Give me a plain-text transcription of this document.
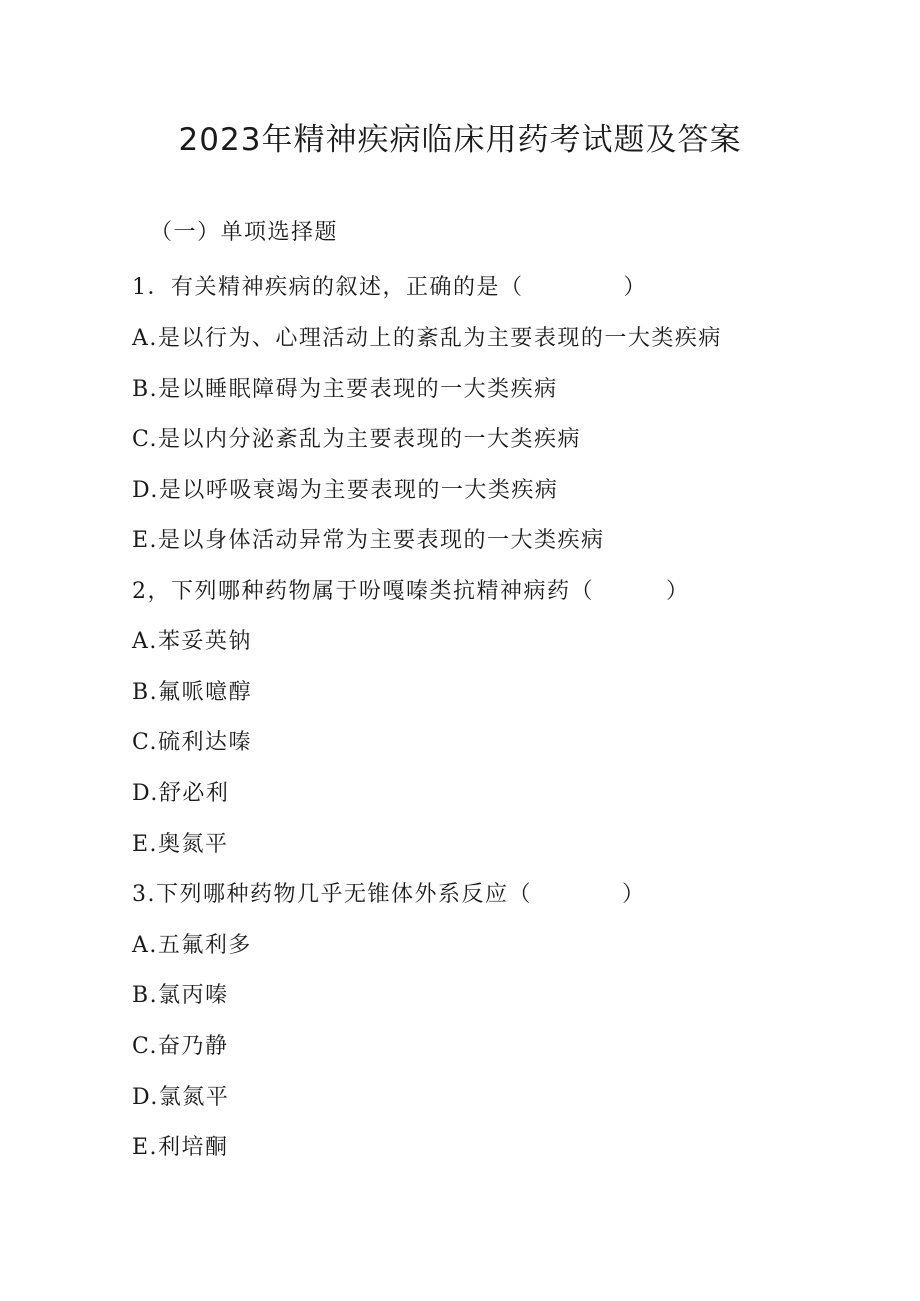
2023年精神疾病临床用药考试题及答案
（一）单项选择题
1．有关精神疾病的叙述，正确的是（	）
A.是以行为、心理活动上的紊乱为主要表现的一大类疾病
B.是以睡眠障碍为主要表现的一大类疾病
C.是以内分泌紊乱为主要表现的一大类疾病
D.是以呼吸衰竭为主要表现的一大类疾病
E.是以身体活动异常为主要表现的一大类疾病
2，下列哪种药物属于吩嘎嗪类抗精神病药（	）
A.苯妥英钠
B.氟哌噫醇
C.硫利达嗪
D.舒必利
E.奥氮平
3.下列哪种药物几乎无锥体外系反应（	）
A.五氟利多
B.氯丙嗪
C.奋乃静
D.氯氮平
E.利培酮
